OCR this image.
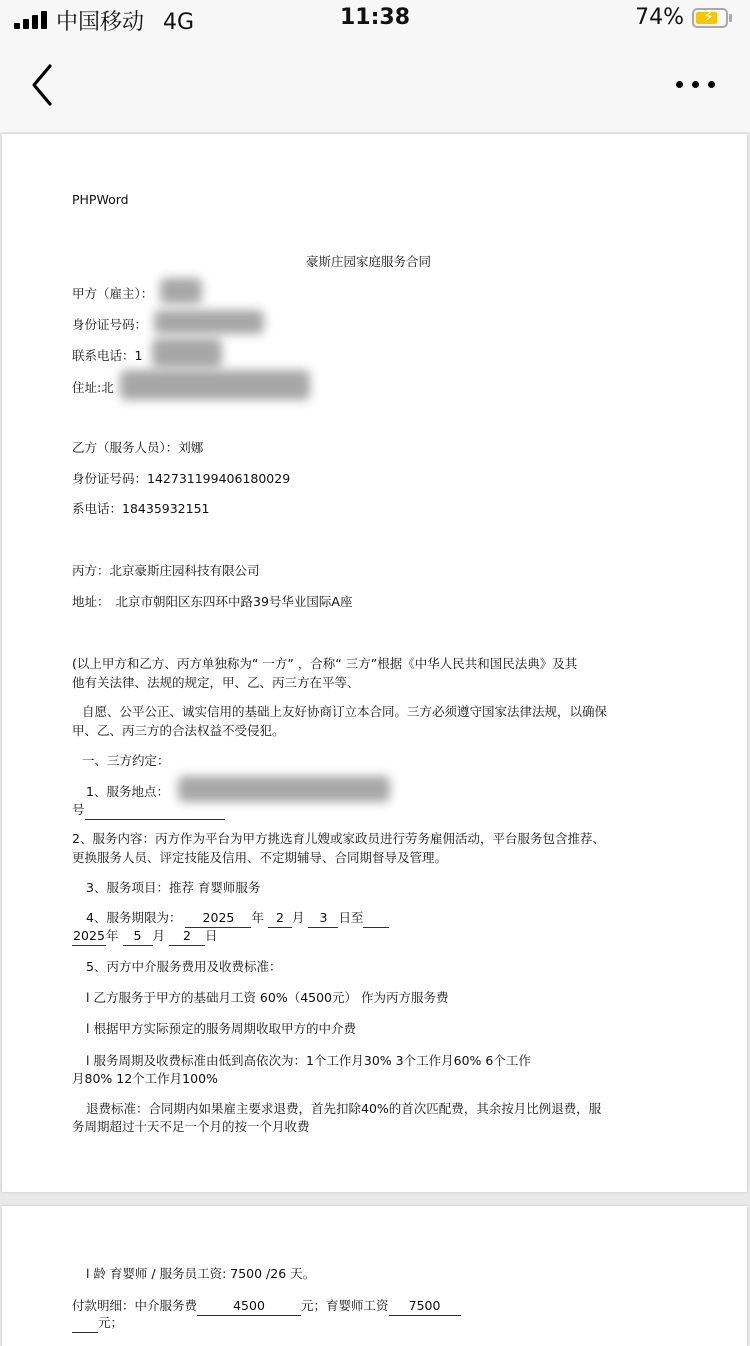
中国移动 4G	11:38	74% ⚡
PHPWord
豪斯庄园家庭服务合同
甲方（雇主）：
身份证号码：
联系电话：1
住址:北
乙方（服务人员）：刘娜
身份证号码：142731199406180029
系电话：18435932151
丙方：北京豪斯庄园科技有限公司
地址： 北京市朝阳区东四环中路39号华业国际A座
(以上甲方和乙方、丙方单独称为“ 一方” ，合称“ 三方”根据《中华人民共和国民法典》及其
他有关法律、法规的规定，甲、乙、丙三方在平等、
自愿、公平公正、诚实信用的基础上友好协商订立本合同。三方必须遵守国家法律法规，以确保
甲、乙、丙三方的合法权益不受侵犯。
一、三方约定：
1、服务地点：
号
2、服务内容：丙方作为平台为甲方挑选育儿嫂或家政员进行劳务雇佣活动，平台服务包含推荐、
更换服务人员、评定技能及信用、不定期辅导、合同期督导及管理。
3、服务项目：推荐 育婴师服务
4、服务期限为： 2025 年 2 月 3 日至
2025年 5 月 2 日
5、丙方中介服务费用及收费标准：
l 乙方服务于甲方的基础月工资 60%（4500元） 作为丙方服务费
l 根据甲方实际预定的服务周期收取甲方的中介费
l 服务周期及收费标准由低到高依次为：1个工作月30% 3个工作月60% 6个工作
月80% 12个工作月100%
退费标准：合同期内如果雇主要求退费，首先扣除40%的首次匹配费，其余按月比例退费，服
务周期超过十天不足一个月的按一个月收费
l 龄 育婴师 / 服务员工资: 7500 /26 天。
付款明细：中介服务费	4500	元；育婴师工资 7500
元；
